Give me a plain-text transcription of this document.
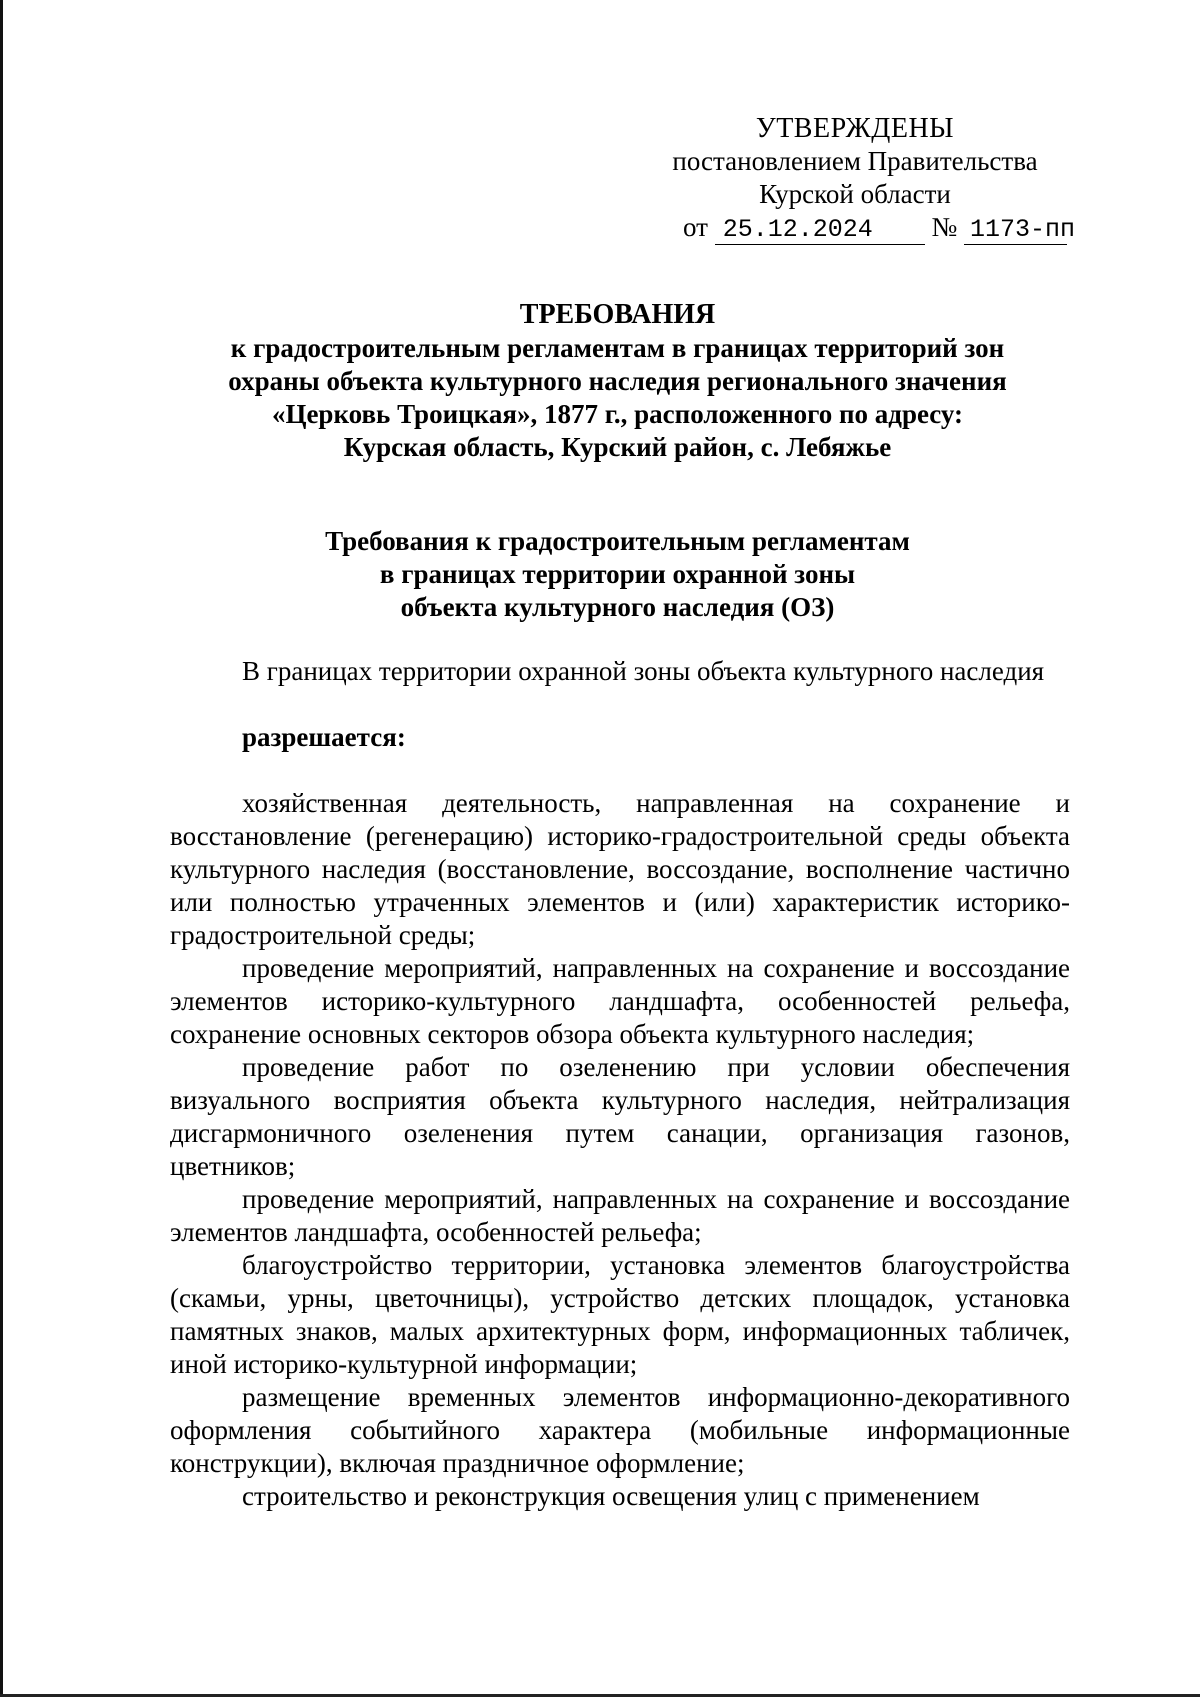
УТВЕРЖДЕНЫ
постановлением Правительства
Курской области
от 25.12.2024 № 1173-пп
ТРЕБОВАНИЯ
к градостроительным регламентам в границах территорий зон
охраны объекта культурного наследия регионального значения
«Церковь Троицкая», 1877 г., расположенного по адресу:
Курская область, Курский район, с. Лебяжье
Требования к градостроительным регламентам
в границах территории охранной зоны
объекта культурного наследия (ОЗ)

В границах территории охранной зоны объекта культурного наследия

разрешается:

хозяйственная деятельность, направленная на сохранение и восстановление (регенерацию) историко-градостроительной среды объекта культурного наследия (восстановление, воссоздание, восполнение частично или полностью утраченных элементов и (или) характеристик историко-градостроительной среды;

проведение мероприятий, направленных на сохранение и воссоздание элементов историко-культурного ландшафта, особенностей рельефа, сохранение основных секторов обзора объекта культурного наследия;

проведение работ по озеленению при условии обеспечения визуального восприятия объекта культурного наследия, нейтрализация дисгармоничного озеленения путем санации, организация газонов, цветников;

проведение мероприятий, направленных на сохранение и воссоздание элементов ландшафта, особенностей рельефа;

благоустройство территории, установка элементов благоустройства (скамьи, урны, цветочницы), устройство детских площадок, установка памятных знаков, малых архитектурных форм, информационных табличек, иной историко-культурной информации;

размещение временных элементов информационно-декоративного оформления событийного характера (мобильные информационные конструкции), включая праздничное оформление;

строительство и реконструкция освещения улиц с применением
